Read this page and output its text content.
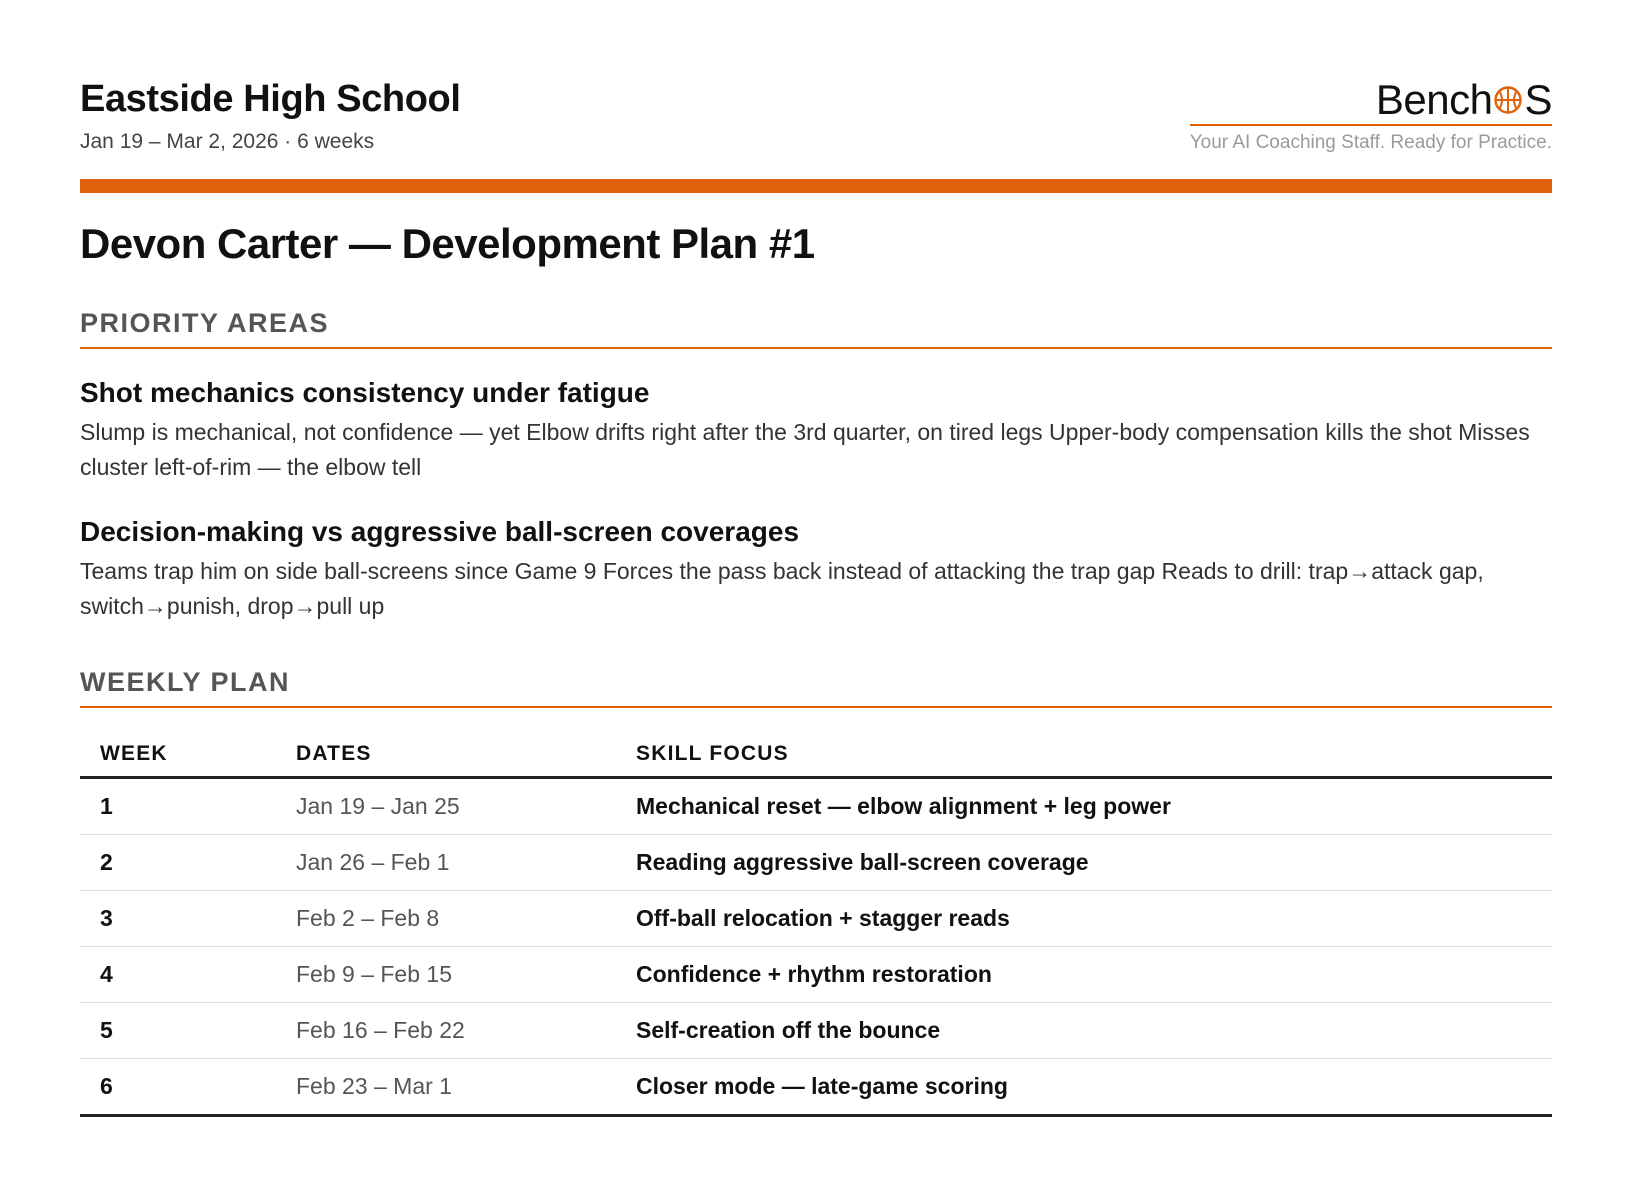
Eastside High School
Jan 19 – Mar 2, 2026 · 6 weeks
Bench S
Your AI Coaching Staff. Ready for Practice.
Devon Carter — Development Plan #1
PRIORITY AREAS
Shot mechanics consistency under fatigue
Slump is mechanical, not confidence — yet Elbow drifts right after the 3rd quarter, on tired legs Upper-body compensation kills the shot Misses cluster left-of-rim — the elbow tell
Decision-making vs aggressive ball-screen coverages
Teams trap him on side ball-screens since Game 9 Forces the pass back instead of attacking the trap gap Reads to drill: trap→attack gap, switch→punish, drop→pull up
WEEKLY PLAN
WEEK	DATES	SKILL FOCUS
1	Jan 19 – Jan 25	Mechanical reset — elbow alignment + leg power
2	Jan 26 – Feb 1	Reading aggressive ball-screen coverage
3	Feb 2 – Feb 8	Off-ball relocation + stagger reads
4	Feb 9 – Feb 15	Confidence + rhythm restoration
5	Feb 16 – Feb 22	Self-creation off the bounce
6	Feb 23 – Mar 1	Closer mode — late-game scoring
